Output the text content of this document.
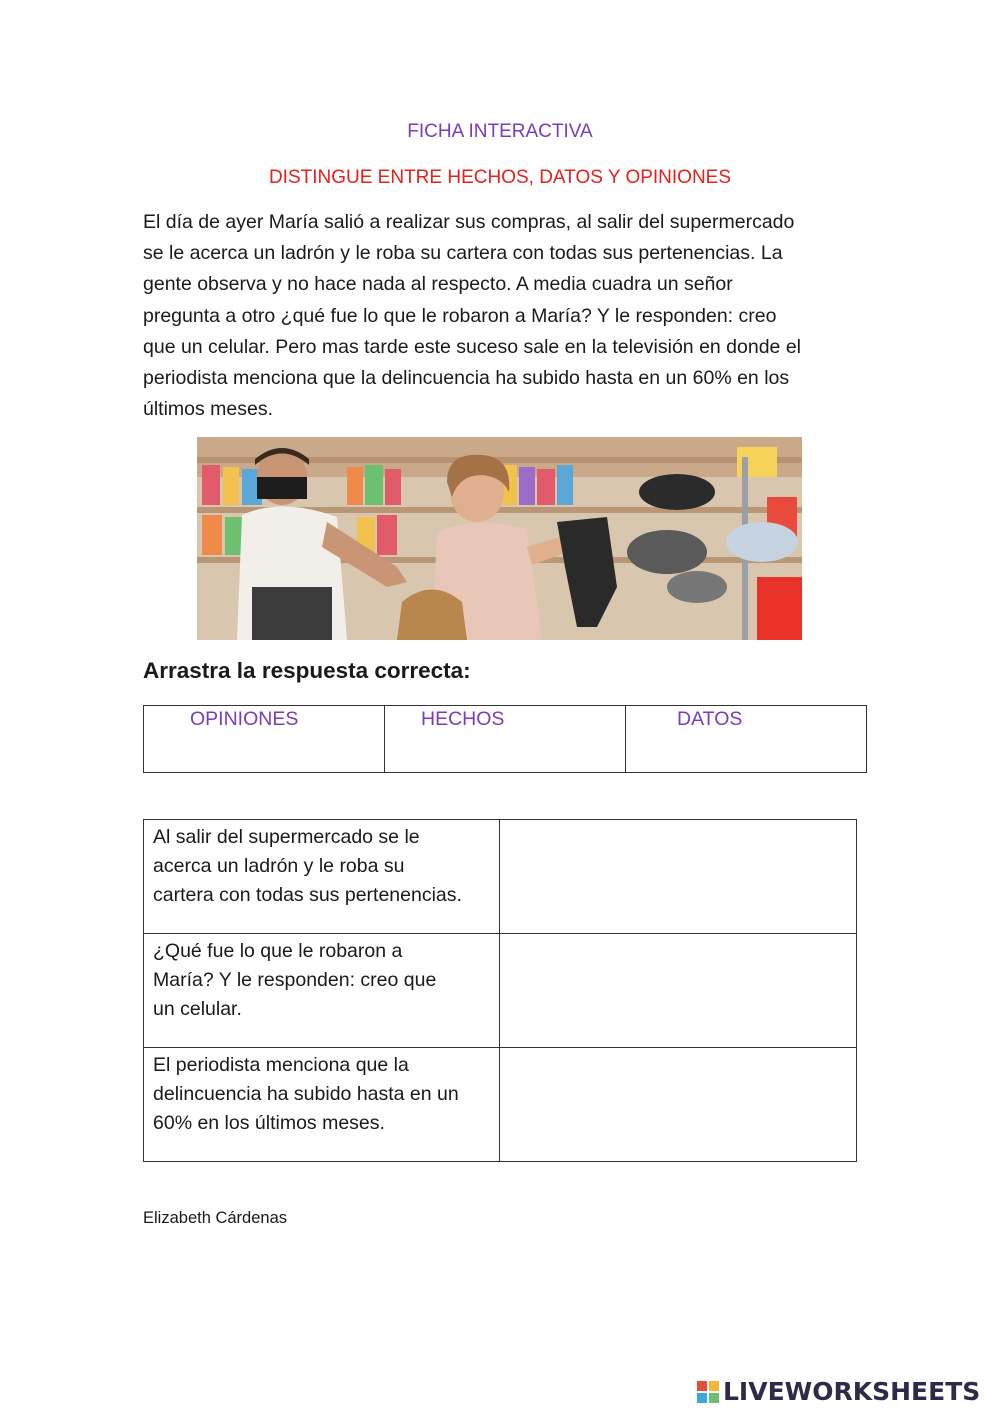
FICHA INTERACTIVA
DISTINGUE ENTRE HECHOS, DATOS Y OPINIONES
El día de ayer María salió a realizar sus compras, al salir del supermercado
se le acerca un ladrón y le roba su cartera con todas sus pertenencias. La
gente observa y no hace nada al respecto. A media cuadra un señor
pregunta a otro ¿qué fue lo que le robaron a María? Y le responden: creo
que un celular. Pero mas tarde este suceso sale en la televisión en donde el
periodista menciona que la delincuencia ha subido hasta en un 60% en los
últimos meses.
Arrastra la respuesta correcta:
OPINIONES	HECHOS	DATOS
Al salir del supermercado se le
acerca un ladrón y le roba su
cartera con todas sus pertenencias.	

¿Qué fue lo que le robaron a
María? Y le responden: creo que
un celular.	

El periodista menciona que la
delincuencia ha subido hasta en un
60% en los últimos meses.	

Elizabeth Cárdenas
LIVEWORKSHEETS
